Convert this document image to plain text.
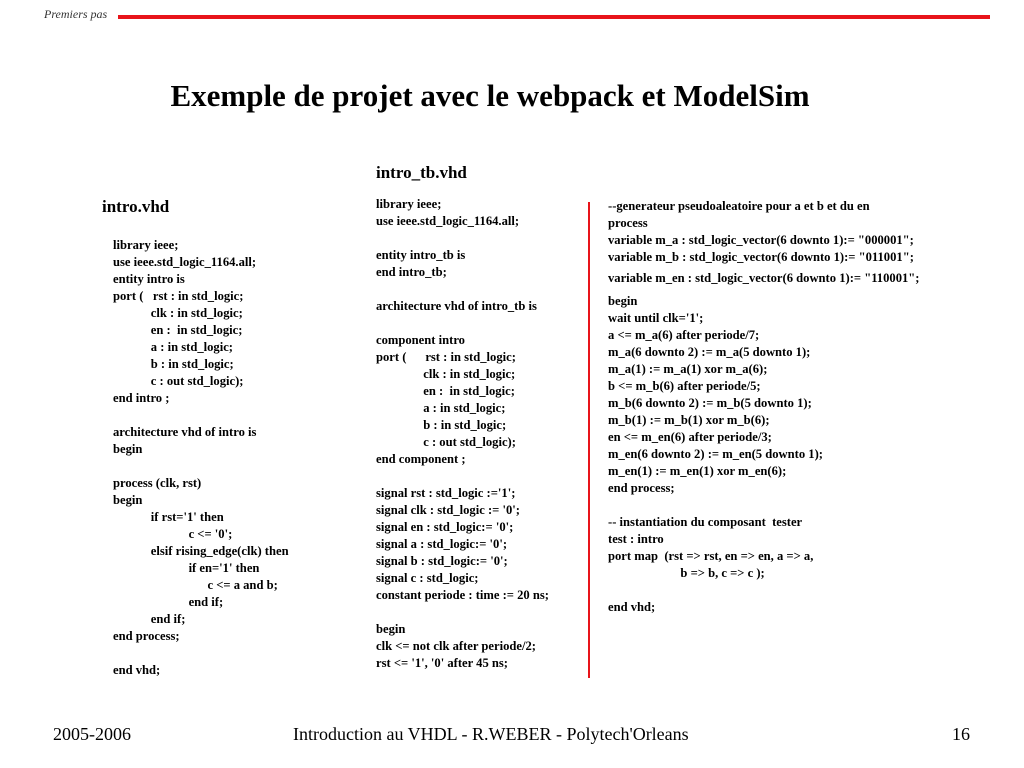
Premiers pas
Exemple de projet avec le webpack et ModelSim
intro.vhd
library ieee;
use ieee.std_logic_1164.all;
entity intro is
port (   rst : in std_logic;
clk : in std_logic;
en :  in std_logic;
a : in std_logic;
b : in std_logic;
c : out std_logic);
end intro ;
architecture vhd of intro is
begin
process (clk, rst)
begin
if rst='1' then
c <= '0';
elsif rising_edge(clk) then
if en='1' then
c <= a and b;
end if;
end if;
end process;
end vhd;
intro_tb.vhd
library ieee;
use ieee.std_logic_1164.all;
entity intro_tb is
end intro_tb;
architecture vhd of intro_tb is
component intro
port (      rst : in std_logic;
clk : in std_logic;
en :  in std_logic;
a : in std_logic;
b : in std_logic;
c : out std_logic);
end component ;
signal rst : std_logic :='1';
signal clk : std_logic := '0';
signal en : std_logic:= '0';
signal a : std_logic:= '0';
signal b : std_logic:= '0';
signal c : std_logic;
constant periode : time := 20 ns;
begin
clk <= not clk after periode/2;
rst <= '1', '0' after 45 ns;
--generateur pseudoaleatoire pour a et b et du en
process
variable m_a : std_logic_vector(6 downto 1):= "000001";
variable m_b : std_logic_vector(6 downto 1):= "011001";
variable m_en : std_logic_vector(6 downto 1):= "110001";
begin
wait until clk='1';
a <= m_a(6) after periode/7;
m_a(6 downto 2) := m_a(5 downto 1);
m_a(1) := m_a(1) xor m_a(6);
b <= m_b(6) after periode/5;
m_b(6 downto 2) := m_b(5 downto 1);
m_b(1) := m_b(1) xor m_b(6);
en <= m_en(6) after periode/3;
m_en(6 downto 2) := m_en(5 downto 1);
m_en(1) := m_en(1) xor m_en(6);
end process;
-- instantiation du composant  tester
test : intro
port map  (rst => rst, en => en, a => a,
b => b, c => c );
end vhd;
2005-2006	Introduction au VHDL - R.WEBER - Polytech'Orleans	16
